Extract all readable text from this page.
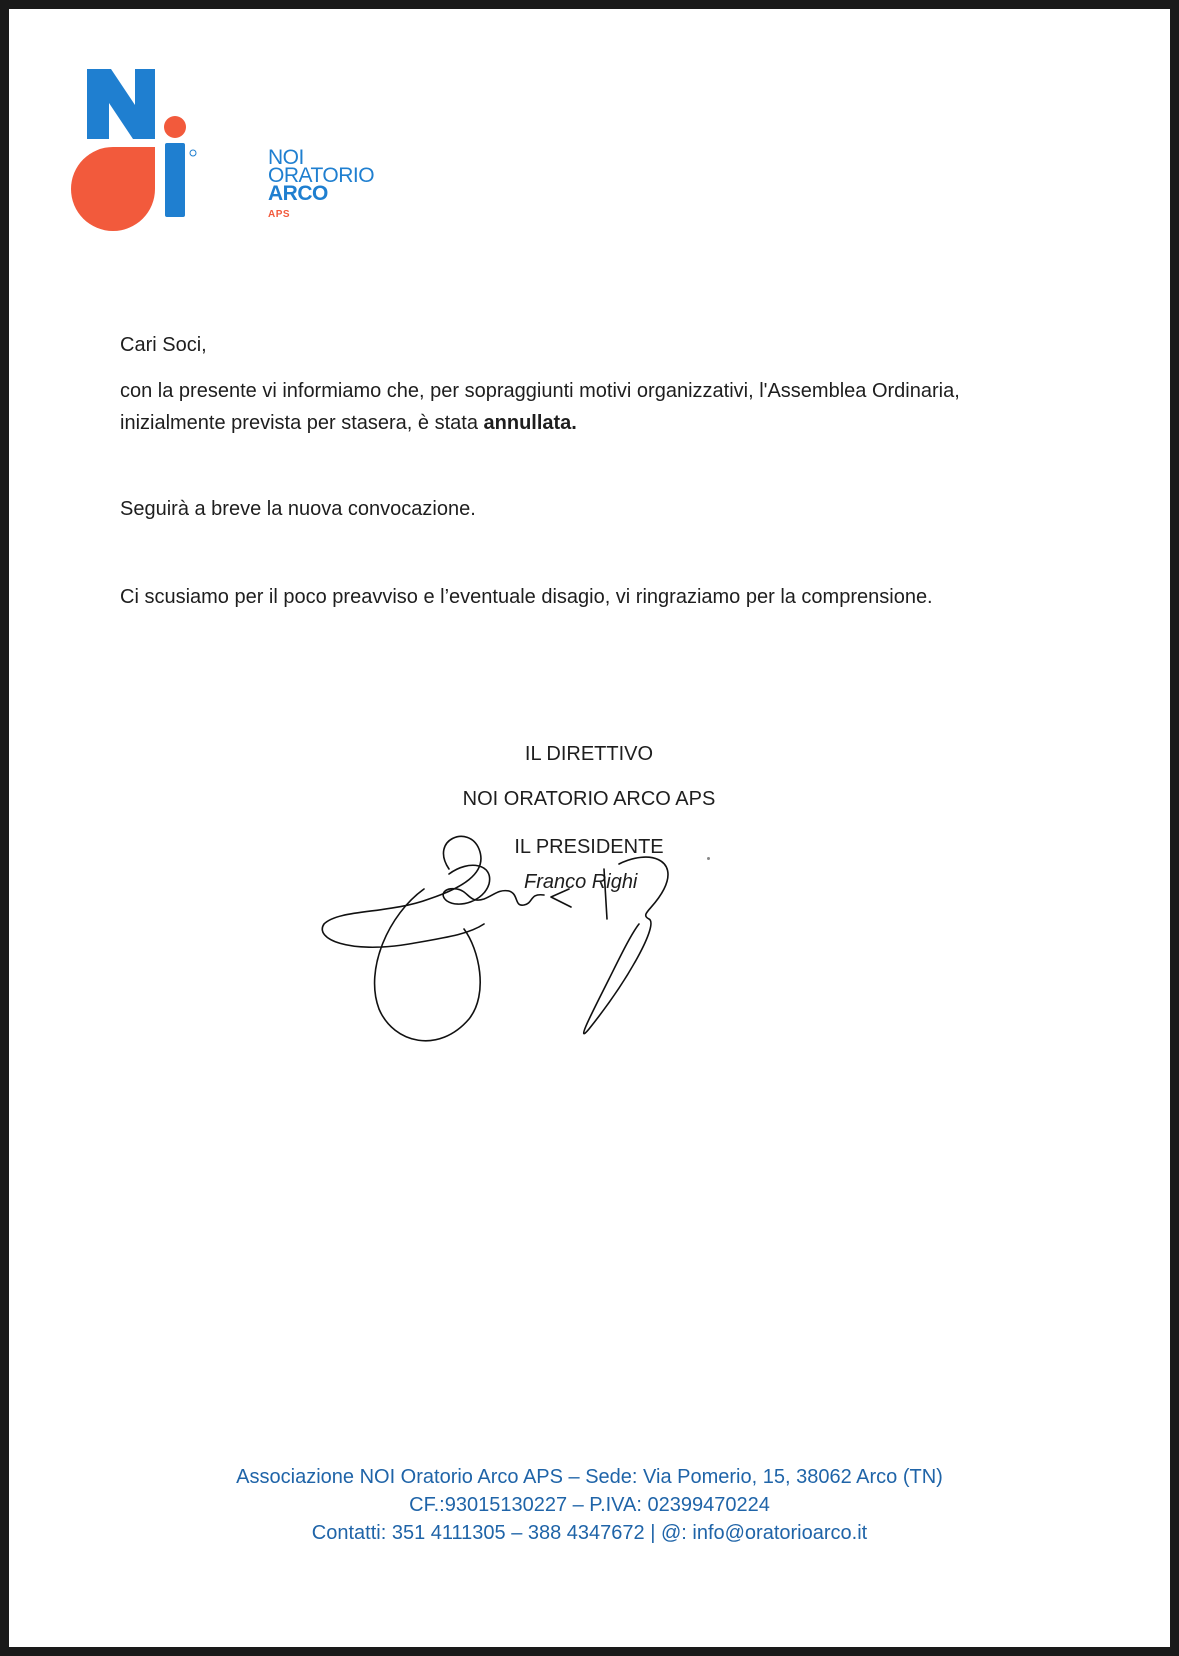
NOI
ORATORIO
ARCO
APS

Cari Soci,

con la presente vi informiamo che, per sopraggiunti motivi organizzativi, l'Assemblea Ordinaria, inizialmente prevista per stasera, è stata annullata.

Seguirà a breve la nuova convocazione.

Ci scusiamo per il poco preavviso e l’eventuale disagio, vi ringraziamo per la comprensione.

IL DIRETTIVO
NOI ORATORIO ARCO APS
IL PRESIDENTE
Franco Righi

Associazione NOI Oratorio Arco APS – Sede: Via Pomerio, 15, 38062 Arco (TN)

CF.:93015130227 – P.IVA: 02399470224

Contatti: 351 4111305 – 388 4347672 | @: info@oratorioarco.it
